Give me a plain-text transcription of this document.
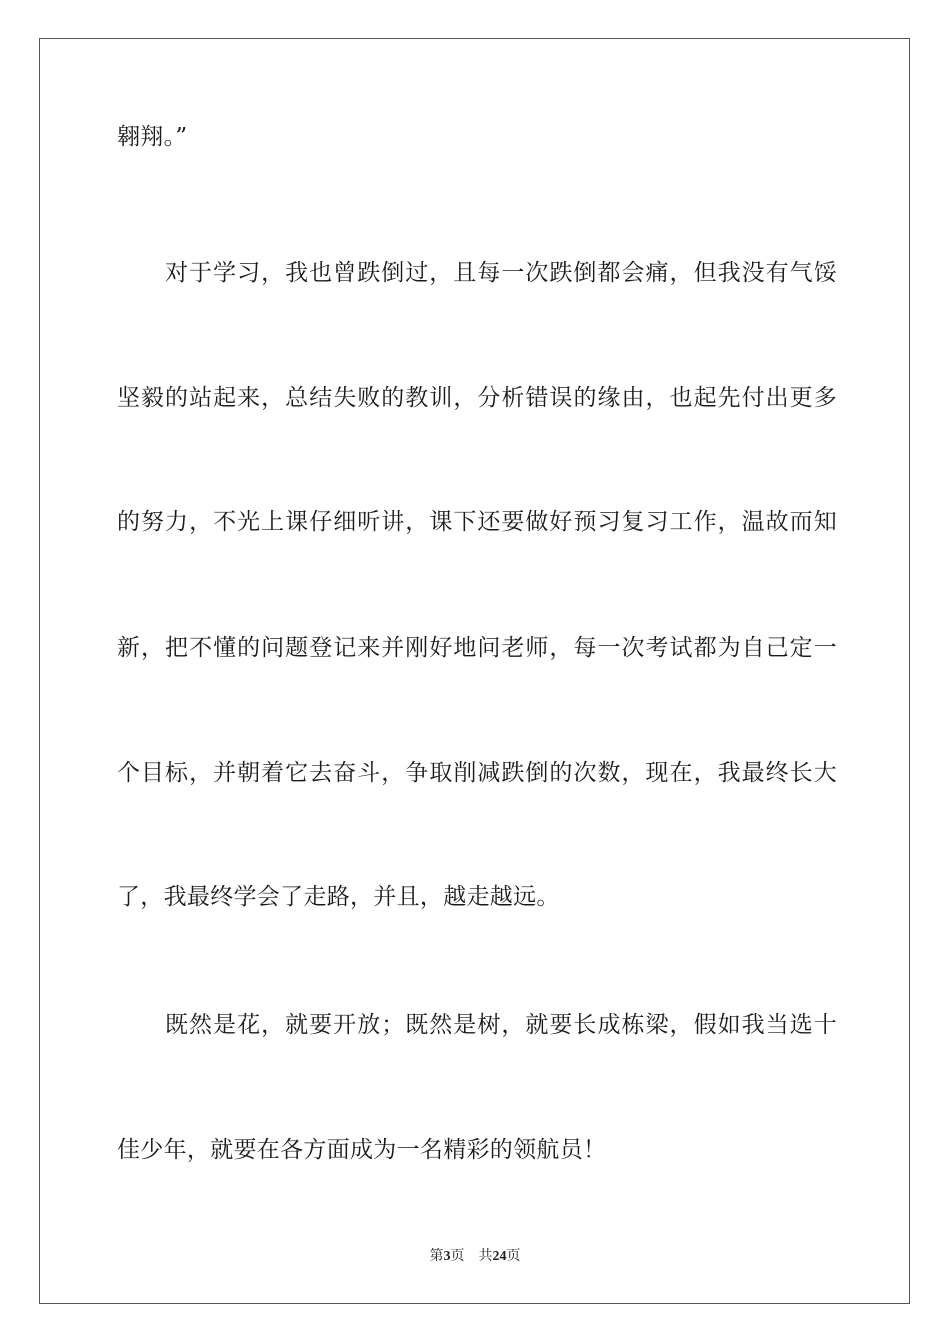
翱翔。”
对于学习，我也曾跌倒过，且每一次跌倒都会痛，但我没有气馁
坚毅的站起来，总结失败的教训，分析错误的缘由，也起先付出更多
的努力，不光上课仔细听讲，课下还要做好预习复习工作，温故而知
新，把不懂的问题登记来并刚好地问老师，每一次考试都为自己定一
个目标，并朝着它去奋斗，争取削减跌倒的次数，现在，我最终长大
了，我最终学会了走路，并且，越走越远。
既然是花，就要开放；既然是树，就要长成栋梁，假如我当选十
佳少年，就要在各方面成为一名精彩的领航员！
第3页 共24页
